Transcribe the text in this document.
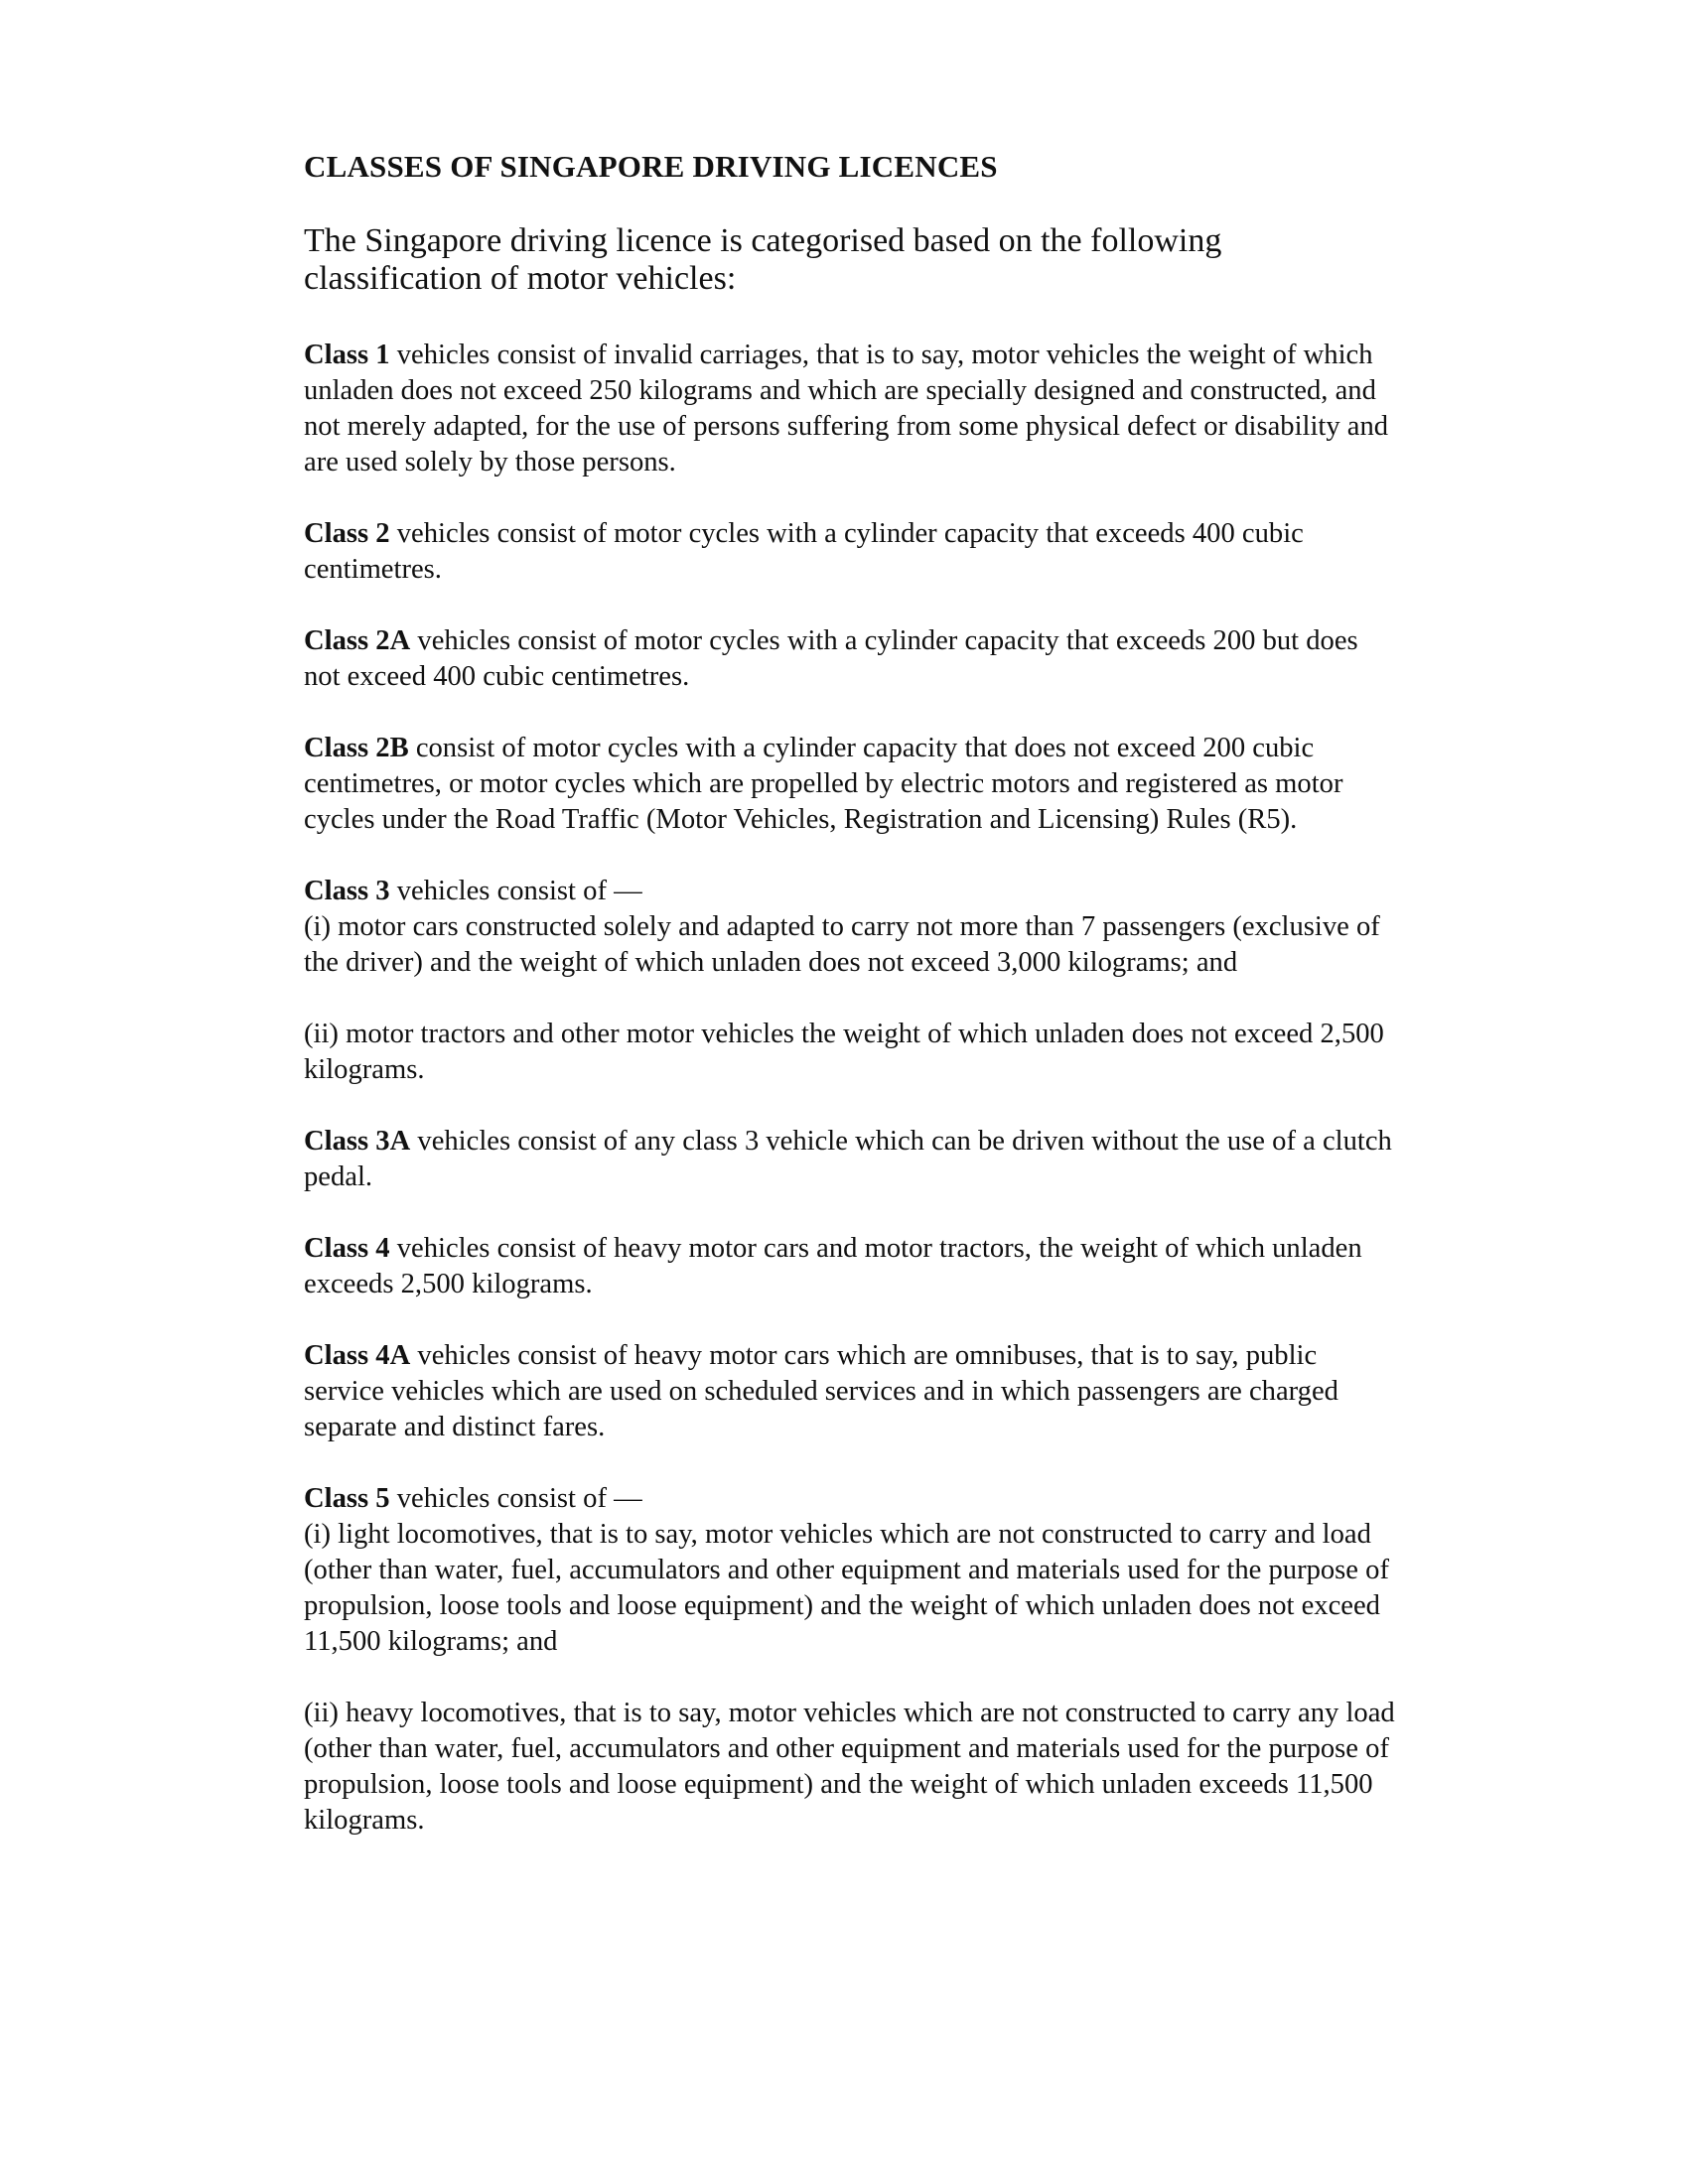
CLASSES OF SINGAPORE DRIVING LICENCES

The Singapore driving licence is categorised based on the following classification of motor vehicles:

Class 1 vehicles consist of invalid carriages, that is to say, motor vehicles the weight of which unladen does not exceed 250 kilograms and which are specially designed and constructed, and not merely adapted, for the use of persons suffering from some physical defect or disability and are used solely by those persons.

Class 2 vehicles consist of motor cycles with a cylinder capacity that exceeds 400 cubic centimetres.

Class 2A vehicles consist of motor cycles with a cylinder capacity that exceeds 200 but does not exceed 400 cubic centimetres.

Class 2B consist of motor cycles with a cylinder capacity that does not exceed 200 cubic centimetres, or motor cycles which are propelled by electric motors and registered as motor cycles under the Road Traffic (Motor Vehicles, Registration and Licensing) Rules (R5).

Class 3 vehicles consist of —

(i) motor cars constructed solely and adapted to carry not more than 7 passengers (exclusive of the driver) and the weight of which unladen does not exceed 3,000 kilograms; and

(ii) motor tractors and other motor vehicles the weight of which unladen does not exceed 2,500 kilograms.

Class 3A vehicles consist of any class 3 vehicle which can be driven without the use of a clutch pedal.

Class 4 vehicles consist of heavy motor cars and motor tractors, the weight of which unladen exceeds 2,500 kilograms.

Class 4A vehicles consist of heavy motor cars which are omnibuses, that is to say, public service vehicles which are used on scheduled services and in which passengers are charged separate and distinct fares.

Class 5 vehicles consist of —

(i) light locomotives, that is to say, motor vehicles which are not constructed to carry and load (other than water, fuel, accumulators and other equipment and materials used for the purpose of propulsion, loose tools and loose equipment) and the weight of which unladen does not exceed 11,500 kilograms; and

(ii) heavy locomotives, that is to say, motor vehicles which are not constructed to carry any load (other than water, fuel, accumulators and other equipment and materials used for the purpose of propulsion, loose tools and loose equipment) and the weight of which unladen exceeds 11,500 kilograms.
